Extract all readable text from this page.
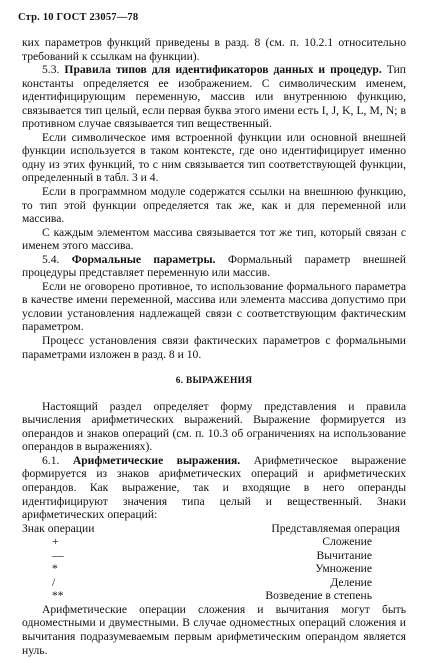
Стр. 10 ГОСТ 23057—78

ких параметров функций приведены в разд. 8 (см. п. 10.2.1 относительно требований к ссылкам на функции).

5.3. Правила типов для идентификаторов данных и процедур. Тип константы определяется ее изображением. С символическим именем, идентифицирующим переменную, массив или внутреннюю функцию, связывается тип целый, если первая буква этого имени есть I, J, K, L, M, N; в противном случае связывается тип вещественный.

Если символическое имя встроенной функции или основной внешней функции используется в таком контексте, где оно идентифицирует именно одну из этих функций, то с ним связывается тип соответствующей функции, определенный в табл. 3 и 4.

Если в программном модуле содержатся ссылки на внешнюю функцию, то тип этой функции определяется так же, как и для переменной или массива.

С каждым элементом массива связывается тот же тип, который связан с именем этого массива.

5.4. Формальные параметры. Формальный параметр внешней процедуры представляет переменную или массив.

Если не оговорено противное, то использование формального параметра в качестве имени переменной, массива или элемента массива допустимо при условии установления надлежащей связи с соответствующим фактическим параметром.

Процесс установления связи фактических параметров с формальными параметрами изложен в разд. 8 и 10.

6. ВЫРАЖЕНИЯ

Настоящий раздел определяет форму представления и правила вычисления арифметических выражений. Выражение формируется из операндов и знаков операций (см. п. 10.3 об ограничениях на использование операндов в выражениях).

6.1. Арифметические выражения. Арифметическое выражение формируется из знаков арифметических операций и арифметических операндов. Как выражение, так и входящие в него операнды идентифицируют значения типа целый и вещественный. Знаки арифметических операций:

Знак операции	Представляемая операция
+	Сложение
—	Вычитание
*	Умножение
/	Деление
**	Возведение в степень

Арифметические операции сложения и вычитания могут быть одноместными и двуместными. В случае одноместных операций сложения и вычитания подразумеваемым первым арифметическим операндом является нуль.
